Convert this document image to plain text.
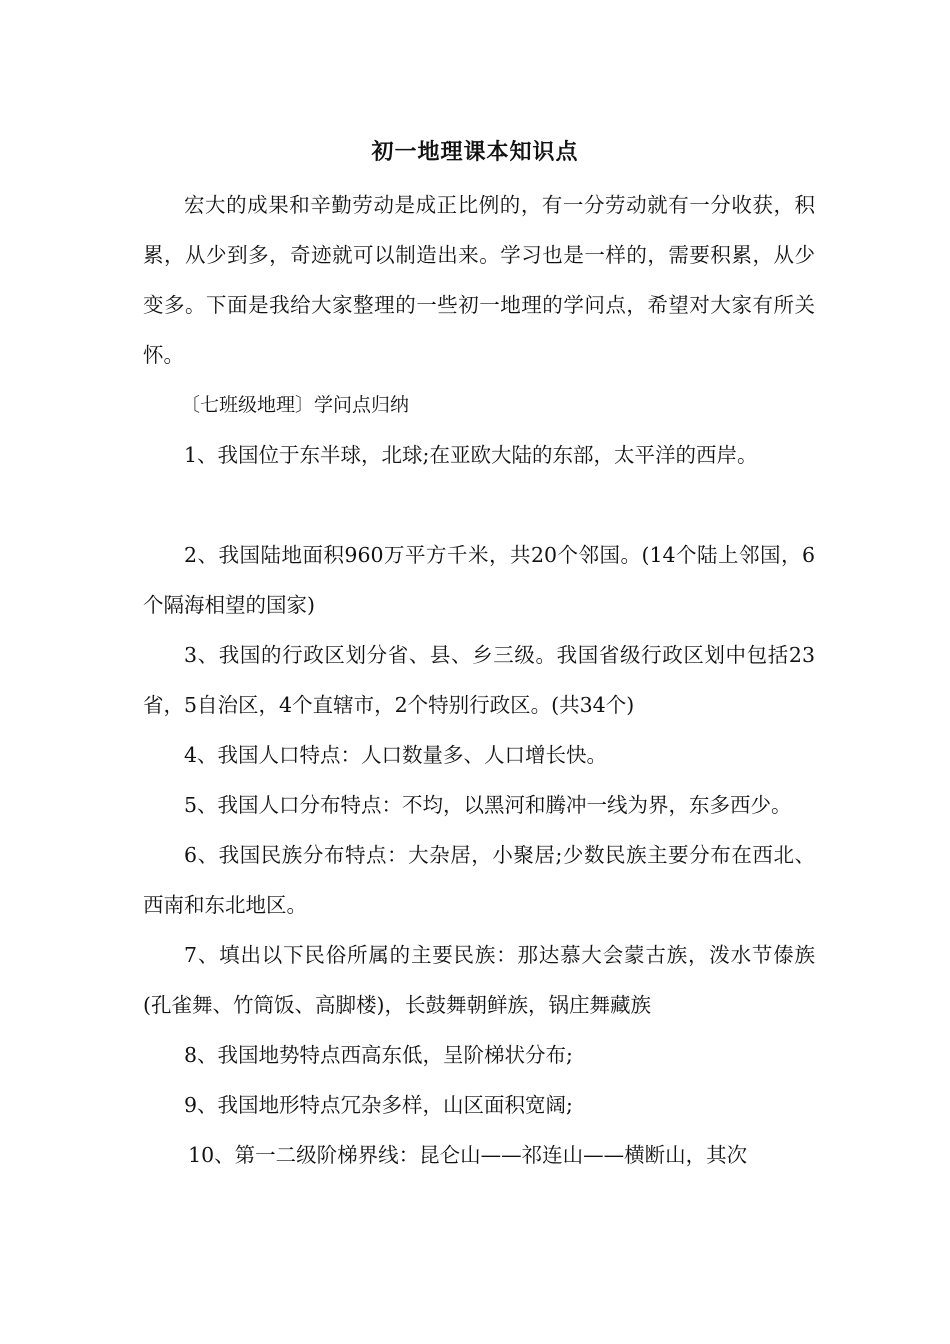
初一地理课本知识点

宏大的成果和辛勤劳动是成正比例的，有一分劳动就有一分收获，积累，从少到多，奇迹就可以制造出来。学习也是一样的，需要积累，从少变多。下面是我给大家整理的一些初一地理的学问点，希望对大家有所关怀。

〔七班级地理〕学问点归纳

1、我国位于东半球，北球;在亚欧大陆的东部，太平洋的西岸。

2、我国陆地面积960万平方千米，共20个邻国。(14个陆上邻国，6个隔海相望的国家)

3、我国的行政区划分省、县、乡三级。我国省级行政区划中包括23省，5自治区，4个直辖市，2个特别行政区。(共34个)

4、我国人口特点：人口数量多、人口增长快。

5、我国人口分布特点：不均，以黑河和腾冲一线为界，东多西少。

6、我国民族分布特点：大杂居，小聚居;少数民族主要分布在西北、西南和东北地区。

7、填出以下民俗所属的主要民族：那达慕大会蒙古族，泼水节傣族(孔雀舞、竹筒饭、高脚楼)，长鼓舞朝鲜族，锅庄舞藏族

8、我国地势特点西高东低，呈阶梯状分布;

9、我国地形特点冗杂多样，山区面积宽阔;

10、第一二级阶梯界线：昆仑山——祁连山——横断山，其次
